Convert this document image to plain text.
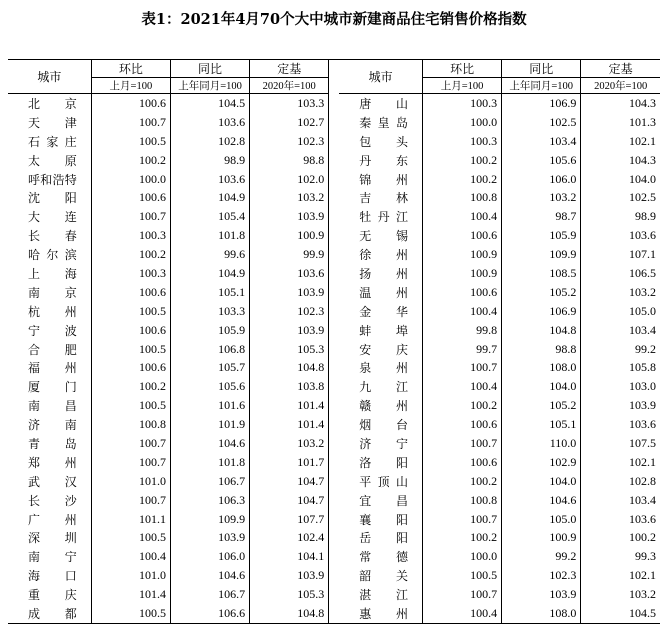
表1：2021年4月70个大中城市新建商品住宅销售价格指数
城市	环比	同比	定基		城市	环比	同比	定基
	上月=100	上年同月=100	2020年=100			上月=100	上年同月=100	2020年=100
北京	100.6	104.5	103.3		唐山	100.3	106.9	104.3
天津	100.7	103.6	102.7		秦皇岛	100.0	102.5	101.3
石家庄	100.5	102.8	102.3		包头	100.3	103.4	102.1
太原	100.2	98.9	98.8		丹东	100.2	105.6	104.3
呼和浩特	100.0	103.6	102.0		锦州	100.2	106.0	104.0
沈阳	100.6	104.9	103.2		吉林	100.8	103.2	102.5
大连	100.7	105.4	103.9		牡丹江	100.4	98.7	98.9
长春	100.3	101.8	100.9		无锡	100.6	105.9	103.6
哈尔滨	100.2	99.6	99.9		徐州	100.9	109.9	107.1
上海	100.3	104.9	103.6		扬州	100.9	108.5	106.5
南京	100.6	105.1	103.9		温州	100.6	105.2	103.2
杭州	100.5	103.3	102.3		金华	100.4	106.9	105.0
宁波	100.6	105.9	103.9		蚌埠	99.8	104.8	103.4
合肥	100.5	106.8	105.3		安庆	99.7	98.8	99.2
福州	100.6	105.7	104.8		泉州	100.7	108.0	105.8
厦门	100.2	105.6	103.8		九江	100.4	104.0	103.0
南昌	100.5	101.6	101.4		赣州	100.2	105.2	103.9
济南	100.8	101.9	101.4		烟台	100.6	105.1	103.6
青岛	100.7	104.6	103.2		济宁	100.7	110.0	107.5
郑州	100.7	101.8	101.7		洛阳	100.6	102.9	102.1
武汉	101.0	106.7	104.7		平顶山	100.2	104.0	102.8
长沙	100.7	106.3	104.7		宜昌	100.8	104.6	103.4
广州	101.1	109.9	107.7		襄阳	100.7	105.0	103.6
深圳	100.5	103.9	102.4		岳阳	100.2	100.9	100.2
南宁	100.4	106.0	104.1		常德	100.0	99.2	99.3
海口	101.0	104.6	103.9		韶关	100.5	102.3	102.1
重庆	101.4	106.7	105.3		湛江	100.7	103.9	103.2
成都	100.5	106.6	104.8		惠州	100.4	108.0	104.5
